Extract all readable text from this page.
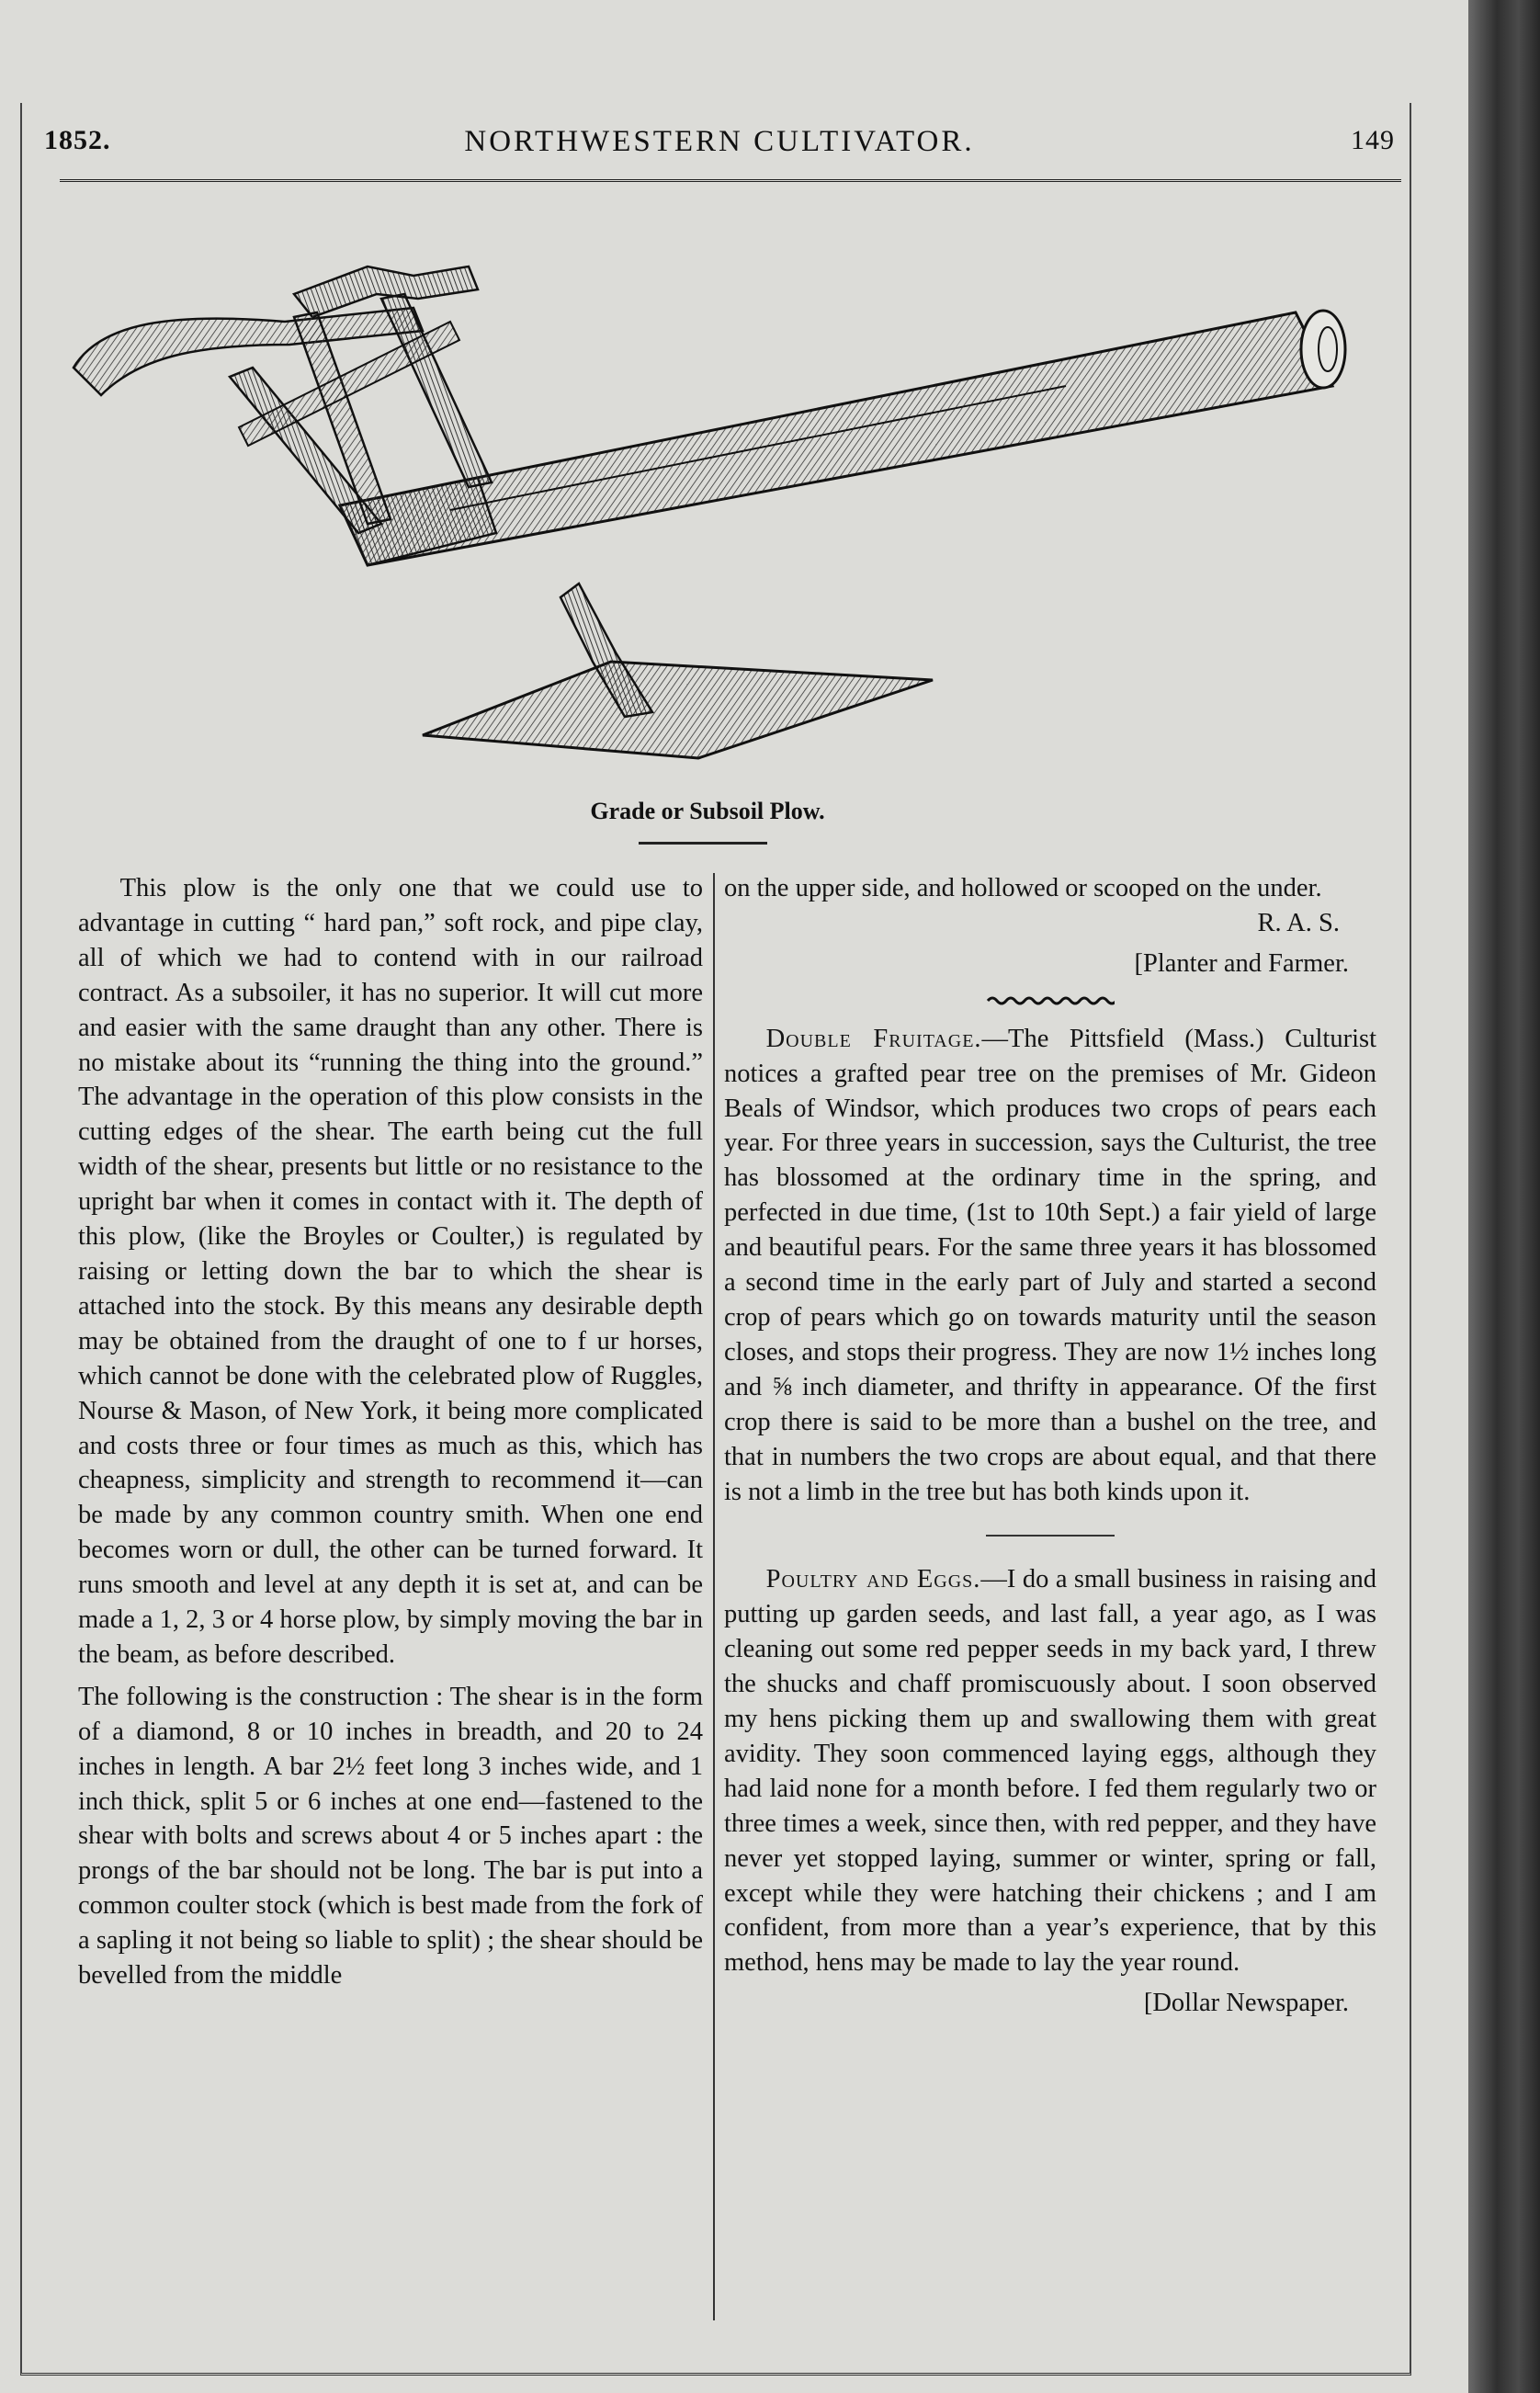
NORTHWESTERN CULTIVATOR.
1852.	149
Grade or Subsoil Plow.

This plow is the only one that we could use to advantage in cutting “ hard pan,” soft rock, and pipe clay, all of which we had to contend with in our railroad contract. As a subsoiler, it has no superior. It will cut more and easier with the same draught than any other. There is no mistake about its “running the thing into the ground.” The advantage in the operation of this plow consists in the cutting edges of the shear. The earth being cut the full width of the shear, presents but little or no resistance to the upright bar when it comes in contact with it. The depth of this plow, (like the Broyles or Coulter,) is regulated by raising or letting down the bar to which the shear is attached into the stock. By this means any desirable depth may be obtained from the draught of one to f ur horses, which cannot be done with the celebrated plow of Ruggles, Nourse & Mason, of New York, it being more complicated and costs three or four times as much as this, which has cheapness, simplicity and strength to recommend it—can be made by any common country smith. When one end becomes worn or dull, the other can be turned forward. It runs smooth and level at any depth it is set at, and can be made a 1, 2, 3 or 4 horse plow, by simply moving the bar in the beam, as before described.

The following is the construction : The shear is in the form of a diamond, 8 or 10 inches in breadth, and 20 to 24 inches in length. A bar 2½ feet long 3 inches wide, and 1 inch thick, split 5 or 6 inches at one end—fastened to the shear with bolts and screws about 4 or 5 inches apart : the prongs of the bar should not be long. The bar is put into a common coulter stock (which is best made from the fork of a sapling it not being so liable to split) ; the shear should be bevelled from the middle

on the upper side, and hollowed or scooped on the under.

R. A. S.

[Planter and Farmer.

Double Fruitage.—The Pittsfield (Mass.) Culturist notices a grafted pear tree on the premises of Mr. Gideon Beals of Windsor, which produces two crops of pears each year. For three years in succession, says the Culturist, the tree has blossomed at the ordinary time in the spring, and perfected in due time, (1st to 10th Sept.) a fair yield of large and beautiful pears. For the same three years it has blossomed a second time in the early part of July and started a second crop of pears which go on towards maturity until the season closes, and stops their progress. They are now 1½ inches long and ⅝ inch diameter, and thrifty in appearance. Of the first crop there is said to be more than a bushel on the tree, and that in numbers the two crops are about equal, and that there is not a limb in the tree but has both kinds upon it.

Poultry and Eggs.—I do a small business in raising and putting up garden seeds, and last fall, a year ago, as I was cleaning out some red pepper seeds in my back yard, I threw the shucks and chaff promiscuously about. I soon observed my hens picking them up and swallowing them with great avidity. They soon commenced laying eggs, although they had laid none for a month before. I fed them regularly two or three times a week, since then, with red pepper, and they have never yet stopped laying, summer or winter, spring or fall, except while they were hatching their chickens ; and I am confident, from more than a year’s experience, that by this method, hens may be made to lay the year round.

[Dollar Newspaper.
